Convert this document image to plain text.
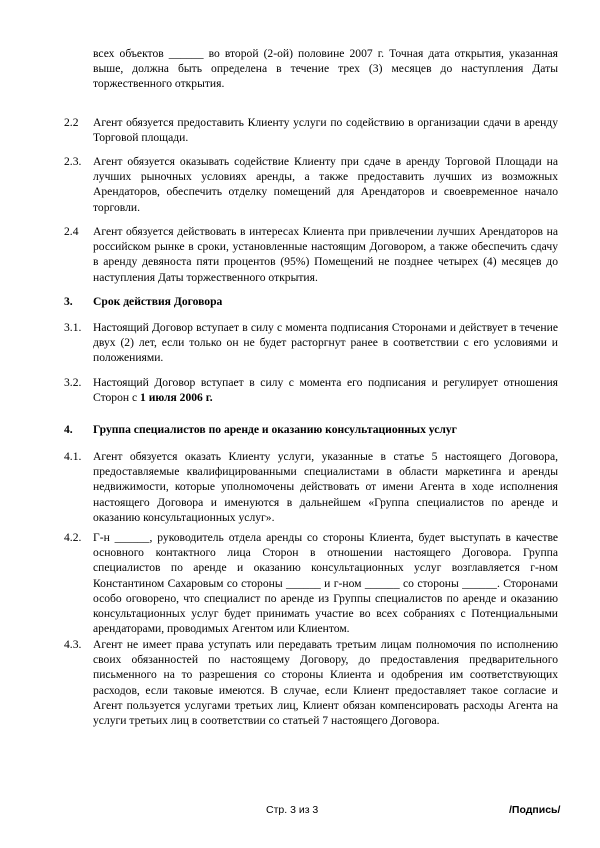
всех объектов ______ во второй (2-ой) половине 2007 г. Точная дата открытия, указанная выше, должна быть определена в течение трех (3) месяцев до наступления Даты торжественного открытия.

2.2	Агент обязуется предоставить Клиенту услуги по содействию в организации сдачи в аренду Торговой площади.
2.3.	Агент обязуется оказывать содействие Клиенту при сдаче в аренду Торговой Площади на лучших рыночных условиях аренды, а также предоставить лучших из возможных Арендаторов, обеспечить отделку помещений для Арендаторов и своевременное начало торговли.
2.4	Агент обязуется действовать в интересах Клиента при привлечении лучших Арендаторов на российском рынке в сроки, установленные настоящим Договором, а также обеспечить сдачу в аренду девяноста пяти процентов (95%) Помещений не позднее четырех (4) месяцев до наступления Даты торжественного открытия.
3.	Срок действия Договора
3.1.	Настоящий Договор вступает в силу с момента подписания Сторонами и действует в течение двух (2) лет, если только он не будет расторгнут ранее в соответствии с его условиями и положениями.
3.2.	Настоящий Договор вступает в силу с момента его подписания и регулирует отношения Сторон с 1 июля 2006 г.
4.	Группа специалистов по аренде и оказанию консультационных услуг
4.1.	Агент обязуется оказать Клиенту услуги, указанные в статье 5 настоящего Договора, предоставляемые квалифицированными специалистами в области маркетинга и аренды недвижимости, которые уполномочены действовать от имени Агента в ходе исполнения настоящего Договора и именуются в дальнейшем «Группа специалистов по аренде и оказанию консультационных услуг».
4.2.	Г-н ______, руководитель отдела аренды со стороны Клиента, будет выступать в качестве основного контактного лица Сторон в отношении настоящего Договора. Группа специалистов по аренде и оказанию консультационных услуг возглавляется г-ном Константином Сахаровым со стороны ______ и г-ном ______ со стороны ______. Сторонами особо оговорено, что специалист по аренде из Группы специалистов по аренде и оказанию консультационных услуг будет принимать участие во всех собраниях с Потенциальными арендаторами, проводимых Агентом или Клиентом.
4.3.	Агент не имеет права уступать или передавать третьим лицам полномочия по исполнению своих обязанностей по настоящему Договору, до предоставления предварительного письменного на то разрешения со стороны Клиента и одобрения им соответствующих расходов, если таковые имеются. В случае, если Клиент предоставляет такое согласие и Агент пользуется услугами третьих лиц, Клиент обязан компенсировать расходы Агента на услуги третьих лиц в соответствии со статьей 7 настоящего Договора.
Стр. 3 из 3	/Подпись/
